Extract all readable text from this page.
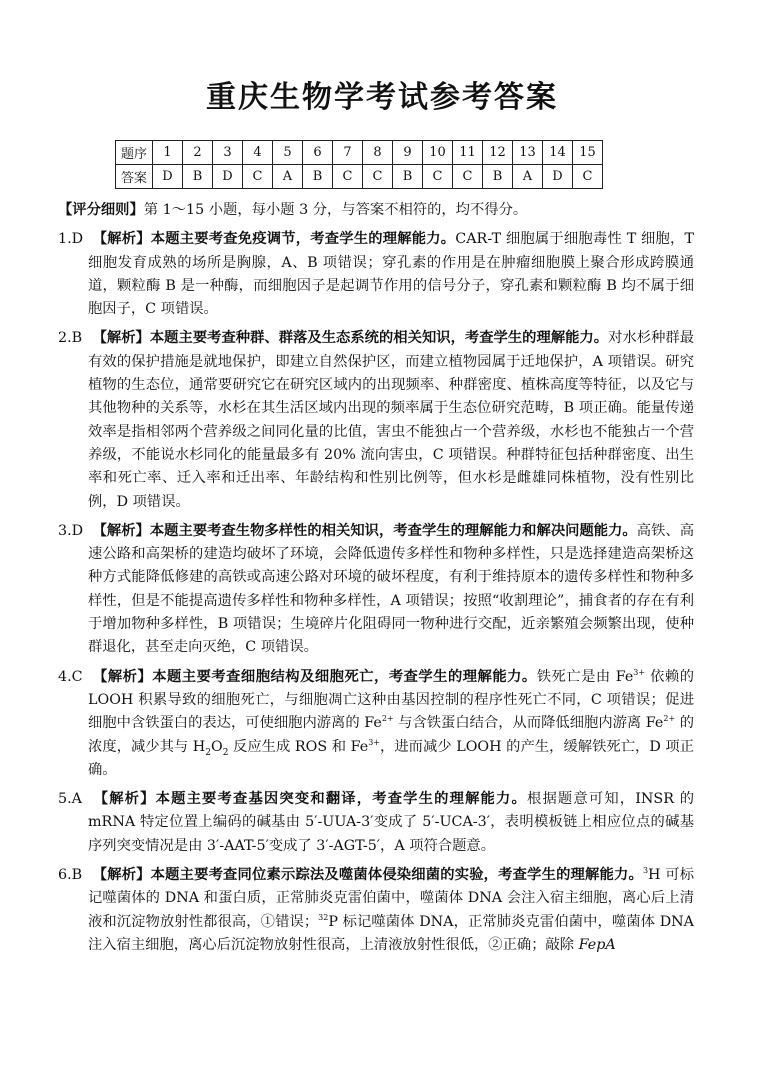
重庆生物学考试参考答案
题序	1	2	3	4	5	6	7	8	9	10	11	12	13	14	15
答案	D	B	D	C	A	B	C	C	B	C	C	B	A	D	C

【评分细则】第 1～15 小题，每小题 3 分，与答案不相符的，均不得分。

1.D 【解析】本题主要考查免疫调节，考查学生的理解能力。CAR-T 细胞属于细胞毒性 T 细胞，T 细胞发育成熟的场所是胸腺，A、B 项错误；穿孔素的作用是在肿瘤细胞膜上聚合形成跨膜通道，颗粒酶 B 是一种酶，而细胞因子是起调节作用的信号分子，穿孔素和颗粒酶 B 均不属于细胞因子，C 项错误。

2.B 【解析】本题主要考查种群、群落及生态系统的相关知识，考查学生的理解能力。对水杉种群最有效的保护措施是就地保护，即建立自然保护区，而建立植物园属于迁地保护，A 项错误。研究植物的生态位，通常要研究它在研究区域内的出现频率、种群密度、植株高度等特征，以及它与其他物种的关系等，水杉在其生活区域内出现的频率属于生态位研究范畴，B 项正确。能量传递效率是指相邻两个营养级之间同化量的比值，害虫不能独占一个营养级，水杉也不能独占一个营养级，不能说水杉同化的能量最多有 20% 流向害虫，C 项错误。种群特征包括种群密度、出生率和死亡率、迁入率和迁出率、年龄结构和性别比例等，但水杉是雌雄同株植物，没有性别比例，D 项错误。

3.D 【解析】本题主要考查生物多样性的相关知识，考查学生的理解能力和解决问题能力。高铁、高速公路和高架桥的建造均破坏了环境，会降低遗传多样性和物种多样性，只是选择建造高架桥这种方式能降低修建的高铁或高速公路对环境的破坏程度，有利于维持原本的遗传多样性和物种多样性，但是不能提高遗传多样性和物种多样性，A 项错误；按照“收割理论”，捕食者的存在有利于增加物种多样性，B 项错误；生境碎片化阻碍同一物种进行交配，近亲繁殖会频繁出现，使种群退化，甚至走向灭绝，C 项错误。

4.C 【解析】本题主要考查细胞结构及细胞死亡，考查学生的理解能力。铁死亡是由 $Fe^{3+}$ 依赖的 LOOH 积累导致的细胞死亡，与细胞凋亡这种由基因控制的程序性死亡不同，C 项错误；促进细胞中含铁蛋白的表达，可使细胞内游离的 $Fe^{2+}$ 与含铁蛋白结合，从而降低细胞内游离 $Fe^{2+}$ 的浓度，减少其与 $H_2O_2$ 反应生成 ROS 和 $Fe^{3+}$，进而减少 LOOH 的产生，缓解铁死亡，D 项正确。

5.A 【解析】本题主要考查基因突变和翻译，考查学生的理解能力。根据题意可知，INSR 的 mRNA 特定位置上编码的碱基由 5′-UUA-3′变成了 5′-UCA-3′，表明模板链上相应位点的碱基序列突变情况是由 3′-AAT-5′变成了 3′-AGT-5′，A 项符合题意。

6.B 【解析】本题主要考查同位素示踪法及噬菌体侵染细菌的实验，考查学生的理解能力。$^3$H 可标记噬菌体的 DNA 和蛋白质，正常肺炎克雷伯菌中，噬菌体 DNA 会注入宿主细胞，离心后上清液和沉淀物放射性都很高，①错误；$^{32}$P 标记噬菌体 DNA，正常肺炎克雷伯菌中，噬菌体 DNA 注入宿主细胞，离心后沉淀物放射性很高，上清液放射性很低，②正确；敲除 FepA
